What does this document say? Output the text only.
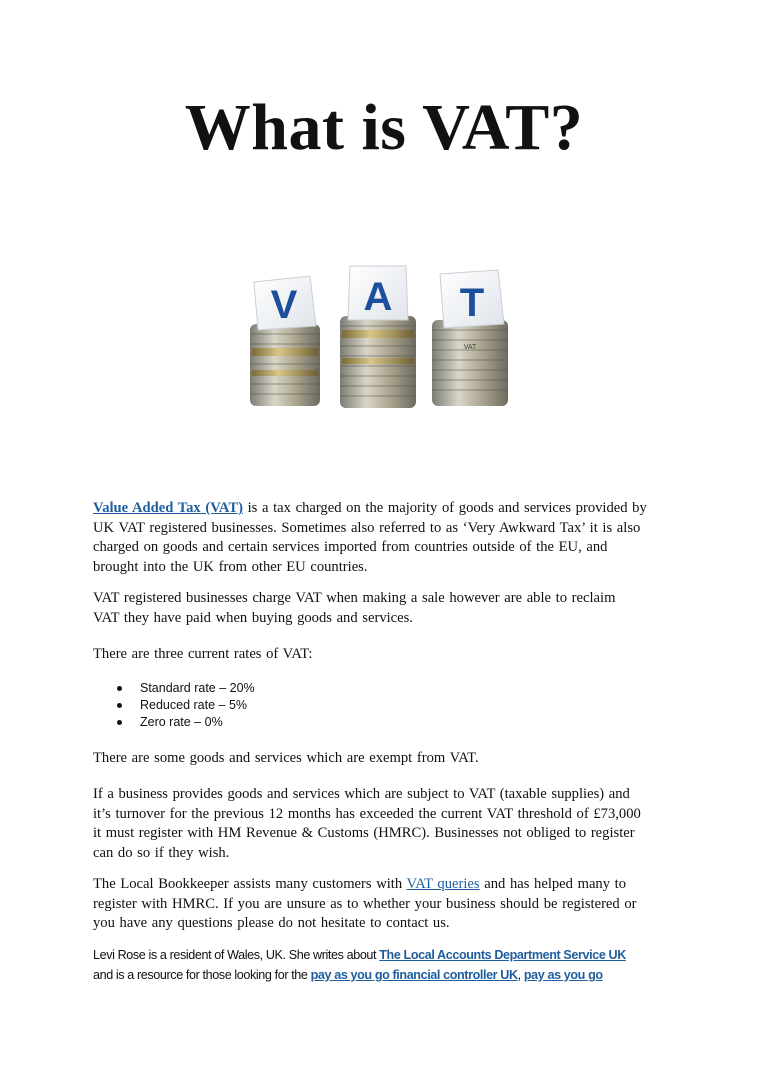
What is VAT?
VAT
V A T

Value Added Tax (VAT) is a tax charged on the majority of goods and services provided by
UK VAT registered businesses. Sometimes also referred to as ‘Very Awkward Tax’ it is also
charged on goods and certain services imported from countries outside of the EU, and
brought into the UK from other EU countries.

VAT registered businesses charge VAT when making a sale however are able to reclaim
VAT they have paid when buying goods and services.

There are three current rates of VAT:

Standard rate – 20%
Reduced rate – 5%
Zero rate – 0%

There are some goods and services which are exempt from VAT.

If a business provides goods and services which are subject to VAT (taxable supplies) and
it’s turnover for the previous 12 months has exceeded the current VAT threshold of £73,000
it must register with HM Revenue & Customs (HMRC). Businesses not obliged to register
can do so if they wish.

The Local Bookkeeper assists many customers with VAT queries and has helped many to
register with HMRC. If you are unsure as to whether your business should be registered or
you have any questions please do not hesitate to contact us.

Levi Rose is a resident of Wales, UK. She writes about The Local Accounts Department Service UK
and is a resource for those looking for the pay as you go financial controller UK, pay as you go
